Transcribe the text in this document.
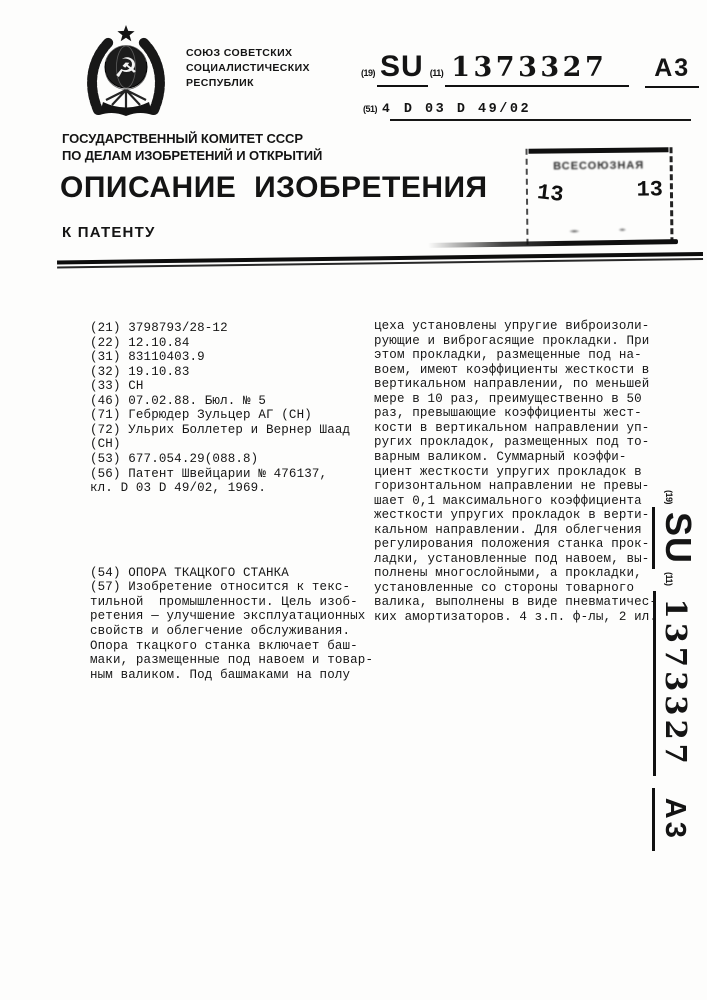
☭	СОЮЗ СОВЕТСКИХ
СОЦИАЛИСТИЧЕСКИХ
РЕСПУБЛИК
ГОСУДАРСТВЕННЫЙ КОМИТЕТ СССР
ПО ДЕЛАМ ИЗОБРЕТЕНИЙ И ОТКРЫТИЙ
(19) SU (11) 1373327	A3
(51) 4	D 03 D 49/02
ОПИСАНИЕ ИЗОБРЕТЕНИЯ
К ПАТЕНТУ
ВСЕСОЮЗНАЯ
13	13

(21) 3798793/28-12
(22) 12.10.84
(31) 83110403.9
(32) 19.10.83
(33) CH
(46) 07.02.88. Бюл. № 5
(71) Гебрюдер Зульцер АГ (CH)
(72) Ульрих Боллетер и Вернер Шаад
(CH)
(53) 677.054.29(088.8)
(56) Патент Швейцарии № 476137,
кл. D 03 D 49/02, 1969.

(54) ОПОРА ТКАЦКОГО СТАНКА
(57) Изобретение относится к текс-
тильной  промышленности. Цель изоб-
ретения — улучшение эксплуатационных
свойств и облегчение обслуживания.
Опора ткацкого станка включает баш-
маки, размещенные под навоем и товар-
ным валиком. Под башмаками на полу

цеха установлены упругие виброизоли-
рующие и виброгасящие прокладки. При
этом прокладки, размещенные под на-
воем, имеют коэффициенты жесткости в
вертикальном направлении, по меньшей
мере в 10 раз, преимущественно в 50
раз, превышающие коэффициенты жест-
кости в вертикальном направлении уп-
ругих прокладок, размещенных под то-
варным валиком. Суммарный коэффи-
циент жесткости упругих прокладок в
горизонтальном направлении не превы-
шает 0,1 максимального коэффициента
жесткости упругих прокладок в верти-
кальном направлении. Для облегчения
регулирования положения станка прок-
ладки, установленные под навоем, вы-
полнены многослойными, а прокладки,
установленные со стороны товарного
валика, выполнены в виде пневматичес-
ких амортизаторов. 4 з.п. ф-лы, 2 ил.

(19)
SU
(11)
1373327
A3
